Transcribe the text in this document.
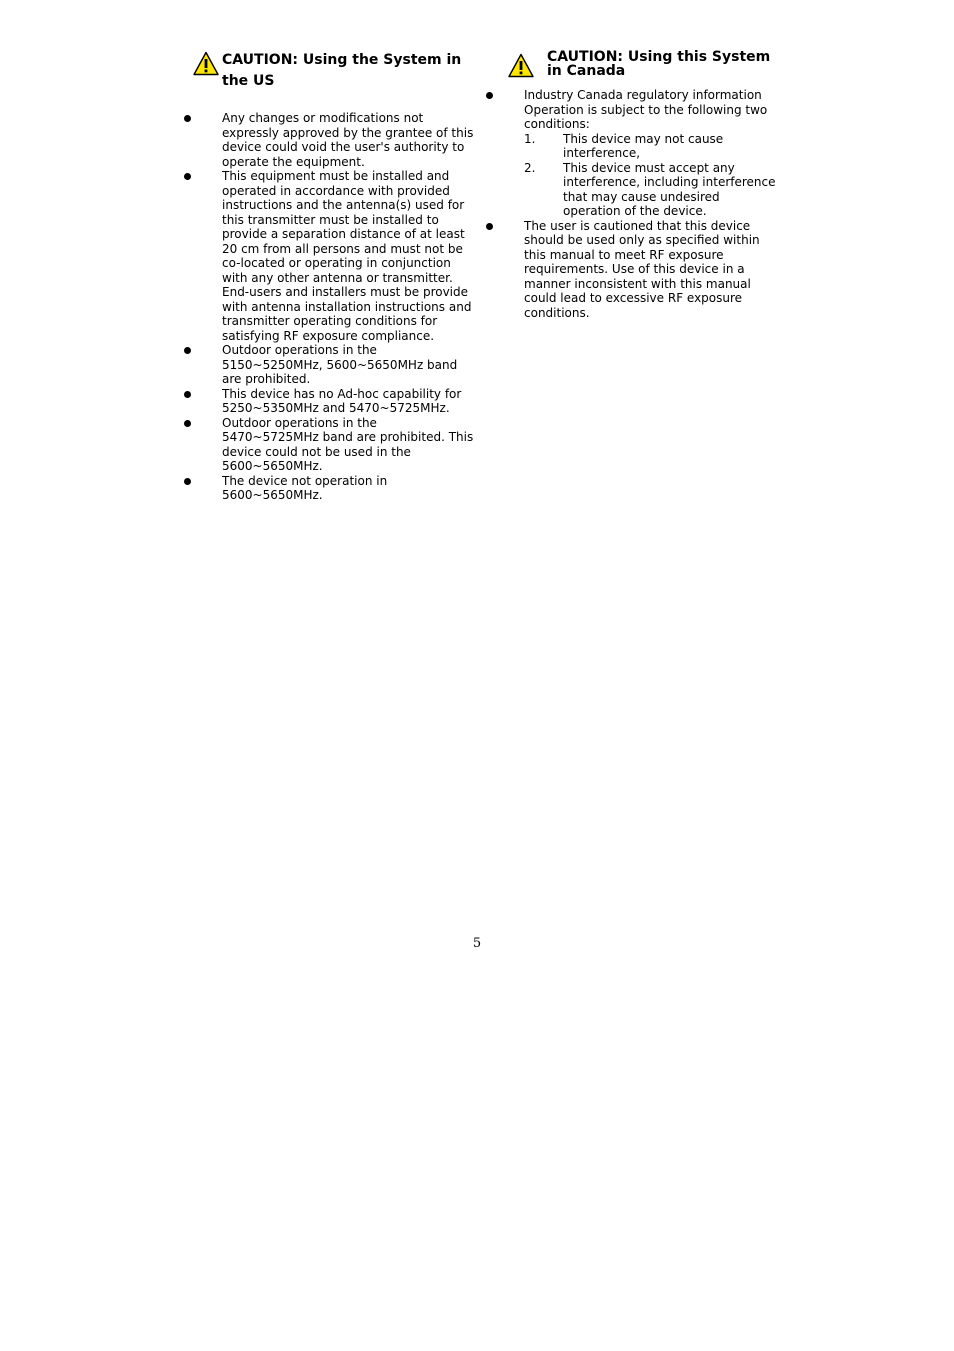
CAUTION: Using the System in the US
Any changes or modifications not expressly approved by the grantee of this device could void the user's authority to operate the equipment.
This equipment must be installed and operated in accordance with provided instructions and the antenna(s) used for this transmitter must be installed to provide a separation distance of at least 20 cm from all persons and must not be co-located or operating in conjunction with any other antenna or transmitter. End-users and installers must be provide with antenna installation instructions and transmitter operating conditions for satisfying RF exposure compliance.
Outdoor operations in the 5150~5250MHz, 5600~5650MHz band are prohibited.
This device has no Ad-hoc capability for 5250~5350MHz and 5470~5725MHz.
Outdoor operations in the 5470~5725MHz band are prohibited. This device could not be used in the 5600~5650MHz.
The device not operation in 5600~5650MHz.
CAUTION: Using this System in Canada
Industry Canada regulatory information Operation is subject to the following two conditions:
1. This device may not cause interference,
2. This device must accept any interference, including interference that may cause undesired operation of the device.
The user is cautioned that this device should be used only as specified within this manual to meet RF exposure requirements. Use of this device in a manner inconsistent with this manual could lead to excessive RF exposure conditions.
5
